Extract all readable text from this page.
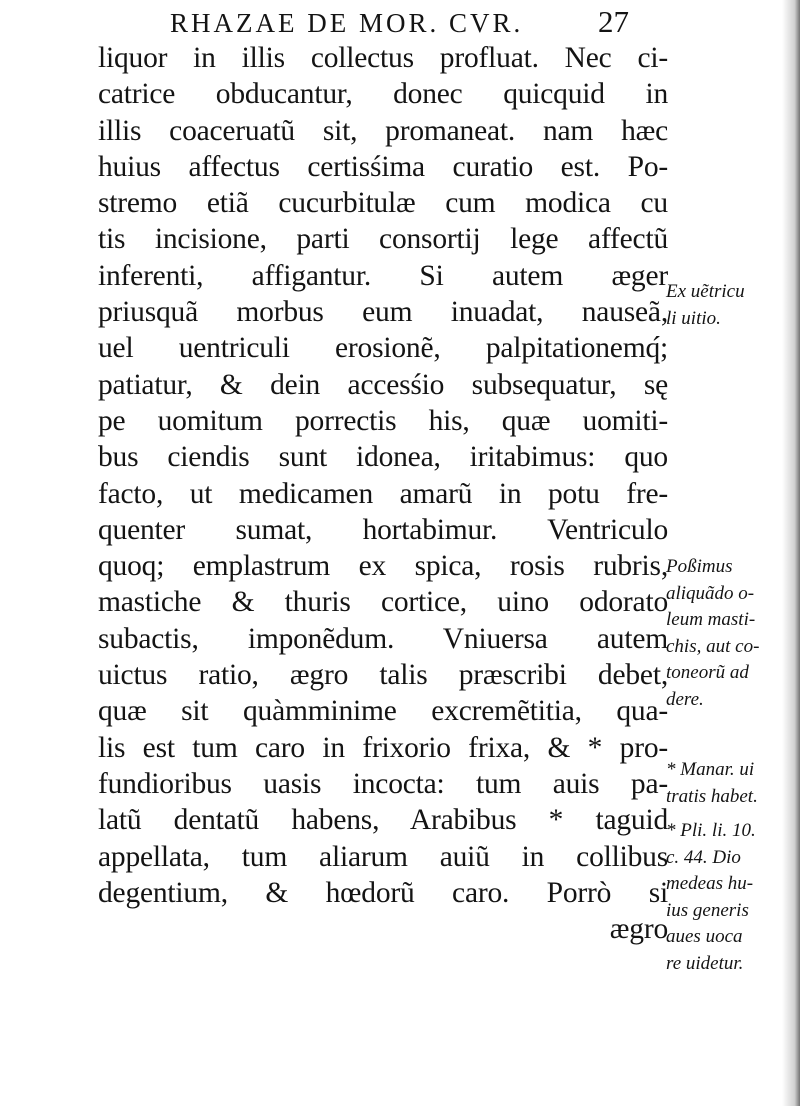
RHAZAE DE MOR. CVR. 27
liquor in illis collectus profluat. Nec ci-
catrice obducantur, donec quicquid in
illis coaceruatũ sit, promaneat. nam hæc
huius affectus certisśima curatio est. Po-
stremo etiã cucurbitulæ cum modica cu
tis incisione, parti consortij lege affectũ
inferenti, affigantur. Si autem æger
priusquã morbus eum inuadat, nauseã,
uel uentriculi erosionẽ, palpitationemq́;
patiatur, & dein accesśio subsequatur, sę
pe uomitum porrectis his, quæ uomiti-
bus ciendis sunt idonea, iritabimus: quo
facto, ut medicamen amarũ in potu fre-
quenter sumat, hortabimur. Ventriculo
quoq; emplastrum ex spica, rosis rubris,
mastiche & thuris cortice, uino odorato
subactis, imponẽdum. Vniuersa autem
uictus ratio, ægro talis præscribi debet,
quæ sit quàmminime excremẽtitia, qua-
lis est tum caro in frixorio frixa, & * pro-
fundioribus uasis incocta: tum auis pa-
latũ dentatũ habens, Arabibus * taguid
appellata, tum aliarum auiũ in collibus
degentium, & hœdorũ caro. Porrò si
ægro
Ex uẽtricu
li uitio.
Poßimus
aliquãdo o-
leum masti-
chis, aut co-
toneorũ ad
dere.
* Manar. ui
tratis habet.
* Pli. li. 10.
c. 44. Dio
medeas hu-
ius generis
aues uoca
re uidetur.
